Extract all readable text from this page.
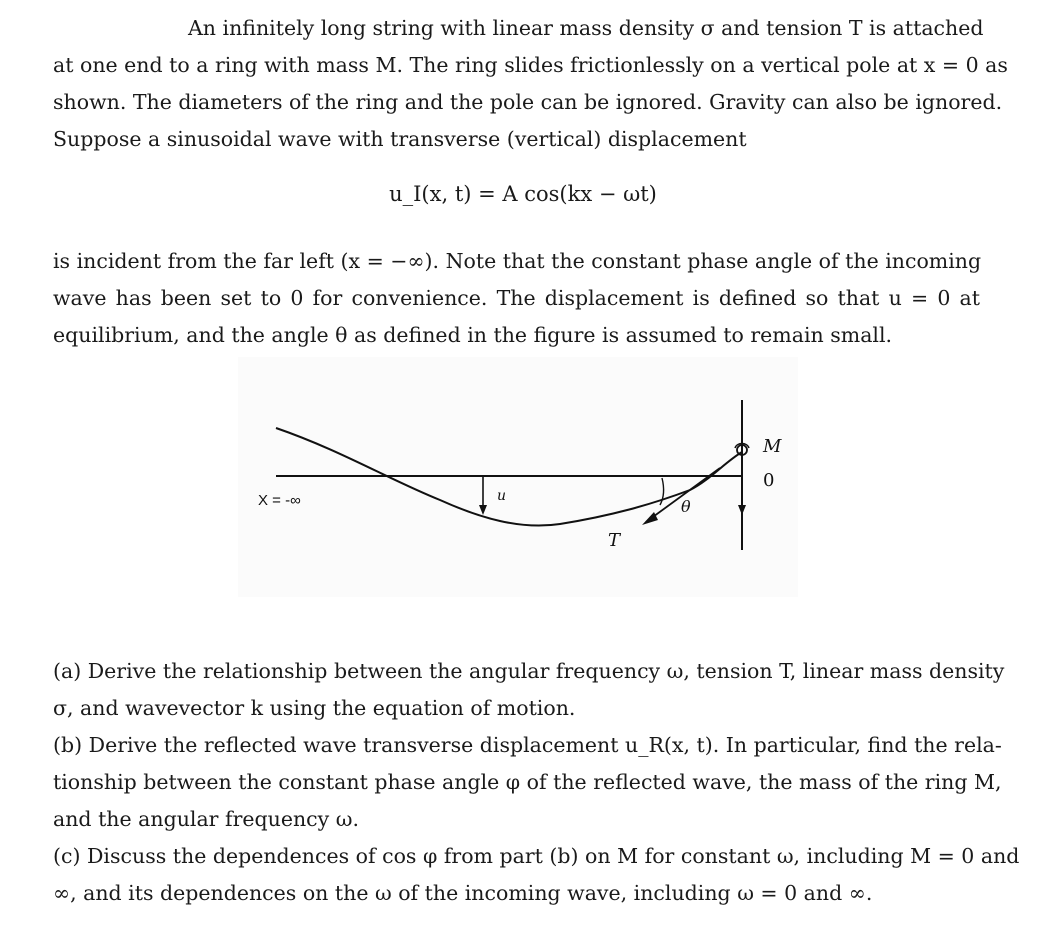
An infinitely long string with linear mass density σ and tension T is attached
at one end to a ring with mass M. The ring slides frictionlessly on a vertical pole at x = 0 as
shown. The diameters of the ring and the pole can be ignored. Gravity can also be ignored.
Suppose a sinusoidal wave with transverse (vertical) displacement
u_I(x, t) = A cos(kx − ωt)
is incident from the far left (x = −∞). Note that the constant phase angle of the incoming
wave has been set to 0 for convenience. The displacement is defined so that u = 0 at
equilibrium, and the angle θ as defined in the figure is assumed to remain small.
X = -∞	u
θ
T
M
0
(a) Derive the relationship between the angular frequency ω, tension T, linear mass density
σ, and wavevector k using the equation of motion.
(b) Derive the reflected wave transverse displacement u_R(x, t). In particular, find the rela-
tionship between the constant phase angle φ of the reflected wave, the mass of the ring M,
and the angular frequency ω.
(c) Discuss the dependences of cos φ from part (b) on M for constant ω, including M = 0 and
∞, and its dependences on the ω of the incoming wave, including ω = 0 and ∞.
